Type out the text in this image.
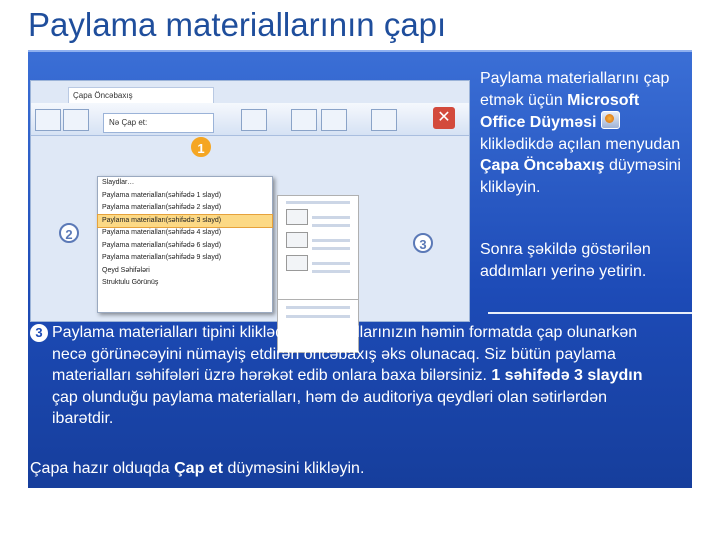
Paylama materiallarının çapı
Çapa Öncəbaxış
✕
Nə Çap et:
1
2
3
Slaydlar…
Paylama materialları(səhifədə 1 slayd)
Paylama materialları(səhifədə 2 slayd)
Paylama materialları(səhifədə 3 slayd)
Paylama materialları(səhifədə 4 slayd)
Paylama materialları(səhifədə 6 slayd)
Paylama materialları(səhifədə 9 slayd)
Qeyd Səhifələri
Struktulu Görünüş
Paylama materiallarını çap etmək üçün Microsoft Office Düyməsi
kliklədikdə açılan menyudan Çapa Öncəbaxış düyməsini klikləyin.
Sonra şəkildə göstərilən addımları yerinə yetirin.
3 Paylama materialları tipini kliklədikdə, slaydlarınızın həmin formatda çap olunarkən necə görünəcəyini nümayiş etdirən öncəbaxış əks olunacaq. Siz bütün paylama materialları səhifələri üzrə hərəkət edib onlara baxa bilərsiniz. 1 səhifədə 3 slaydın çap olunduğu paylama materialları, həm də auditoriya qeydləri olan sətirlərdən ibarətdir.
Çapa hazır olduqda Çap et düyməsini klikləyin.
